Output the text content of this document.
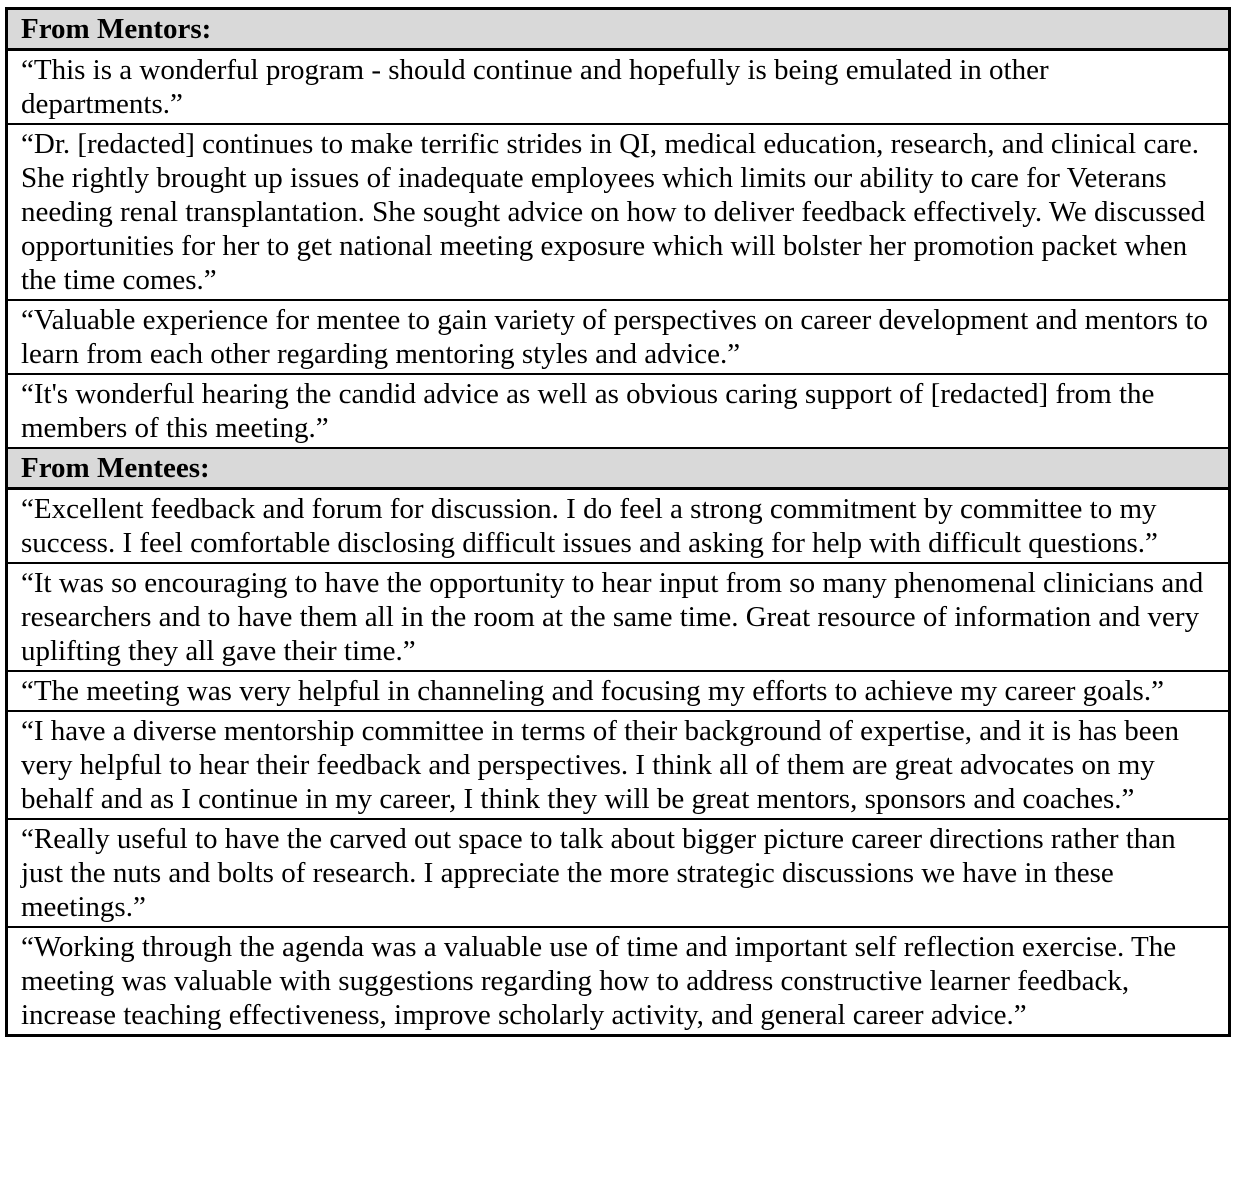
From Mentors:
“This is a wonderful program - should continue and hopefully is being emulated in other departments.”
“Dr. [redacted] continues to make terrific strides in QI, medical education, research, and clinical care. She rightly brought up issues of inadequate employees which limits our ability to care for Veterans needing renal transplantation. She sought advice on how to deliver feedback effectively. We discussed opportunities for her to get national meeting exposure which will bolster her promotion packet when the time comes.”
“Valuable experience for mentee to gain variety of perspectives on career development and mentors to learn from each other regarding mentoring styles and advice.”
“It's wonderful hearing the candid advice as well as obvious caring support of [redacted] from the members of this meeting.”
From Mentees:
“Excellent feedback and forum for discussion. I do feel a strong commitment by committee to my success. I feel comfortable disclosing difficult issues and asking for help with difficult questions.”
“It was so encouraging to have the opportunity to hear input from so many phenomenal clinicians and researchers and to have them all in the room at the same time. Great resource of information and very uplifting they all gave their time.”
“The meeting was very helpful in channeling and focusing my efforts to achieve my career goals.”
“I have a diverse mentorship committee in terms of their background of expertise, and it is has been very helpful to hear their feedback and perspectives. I think all of them are great advocates on my behalf and as I continue in my career, I think they will be great mentors, sponsors and coaches.”
“Really useful to have the carved out space to talk about bigger picture career directions rather than just the nuts and bolts of research. I appreciate the more strategic discussions we have in these meetings.”
“Working through the agenda was a valuable use of time and important self reflection exercise. The meeting was valuable with suggestions regarding how to address constructive learner feedback, increase teaching effectiveness, improve scholarly activity, and general career advice.”
